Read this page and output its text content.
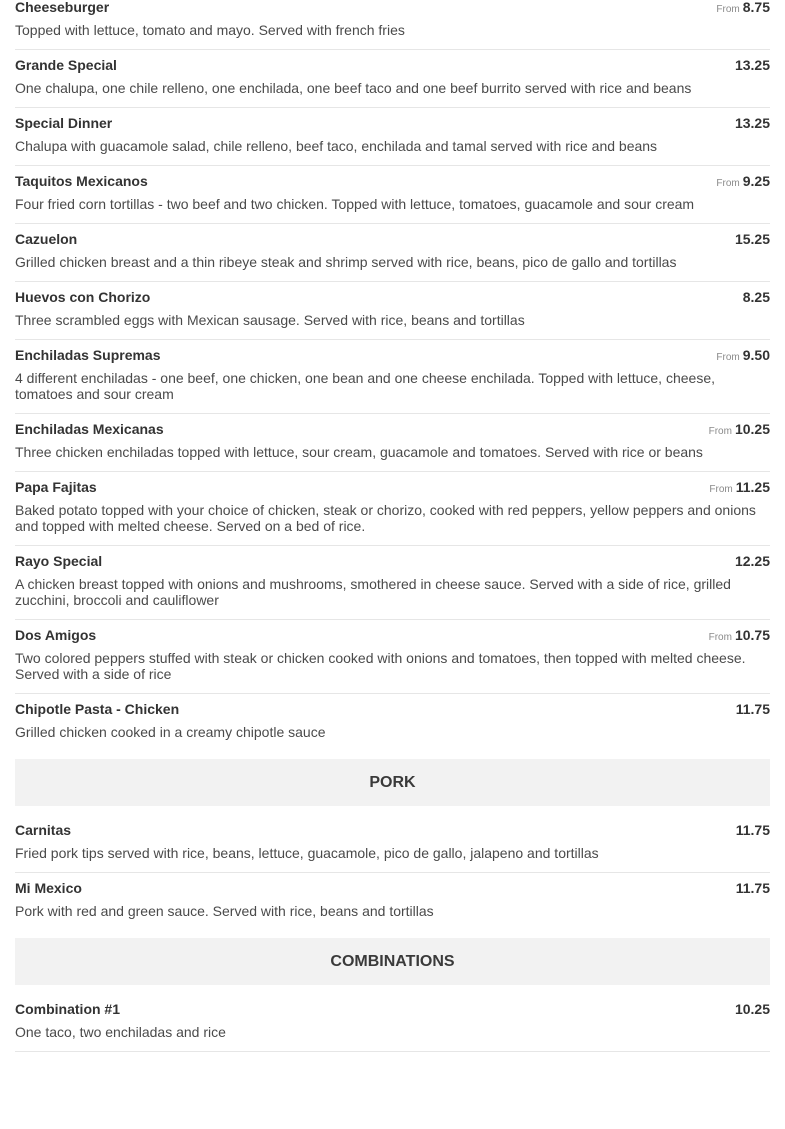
Cheeseburger	From 8.75
Topped with lettuce, tomato and mayo. Served with french fries
Grande Special	13.25
One chalupa, one chile relleno, one enchilada, one beef taco and one beef burrito served with rice and beans
Special Dinner	13.25
Chalupa with guacamole salad, chile relleno, beef taco, enchilada and tamal served with rice and beans
Taquitos Mexicanos	From 9.25
Four fried corn tortillas - two beef and two chicken. Topped with lettuce, tomatoes, guacamole and sour cream
Cazuelon	15.25
Grilled chicken breast and a thin ribeye steak and shrimp served with rice, beans, pico de gallo and tortillas
Huevos con Chorizo	8.25
Three scrambled eggs with Mexican sausage. Served with rice, beans and tortillas
Enchiladas Supremas	From 9.50
4 different enchiladas - one beef, one chicken, one bean and one cheese enchilada. Topped with lettuce, cheese, tomatoes and sour cream
Enchiladas Mexicanas	From 10.25
Three chicken enchiladas topped with lettuce, sour cream, guacamole and tomatoes. Served with rice or beans
Papa Fajitas	From 11.25
Baked potato topped with your choice of chicken, steak or chorizo, cooked with red peppers, yellow peppers and onions and topped with melted cheese. Served on a bed of rice.
Rayo Special	12.25
A chicken breast topped with onions and mushrooms, smothered in cheese sauce. Served with a side of rice, grilled zucchini, broccoli and cauliflower
Dos Amigos	From 10.75
Two colored peppers stuffed with steak or chicken cooked with onions and tomatoes, then topped with melted cheese. Served with a side of rice
Chipotle Pasta - Chicken	11.75
Grilled chicken cooked in a creamy chipotle sauce
PORK
Carnitas	11.75
Fried pork tips served with rice, beans, lettuce, guacamole, pico de gallo, jalapeno and tortillas
Mi Mexico	11.75
Pork with red and green sauce. Served with rice, beans and tortillas
COMBINATIONS
Combination #1	10.25
One taco, two enchiladas and rice
